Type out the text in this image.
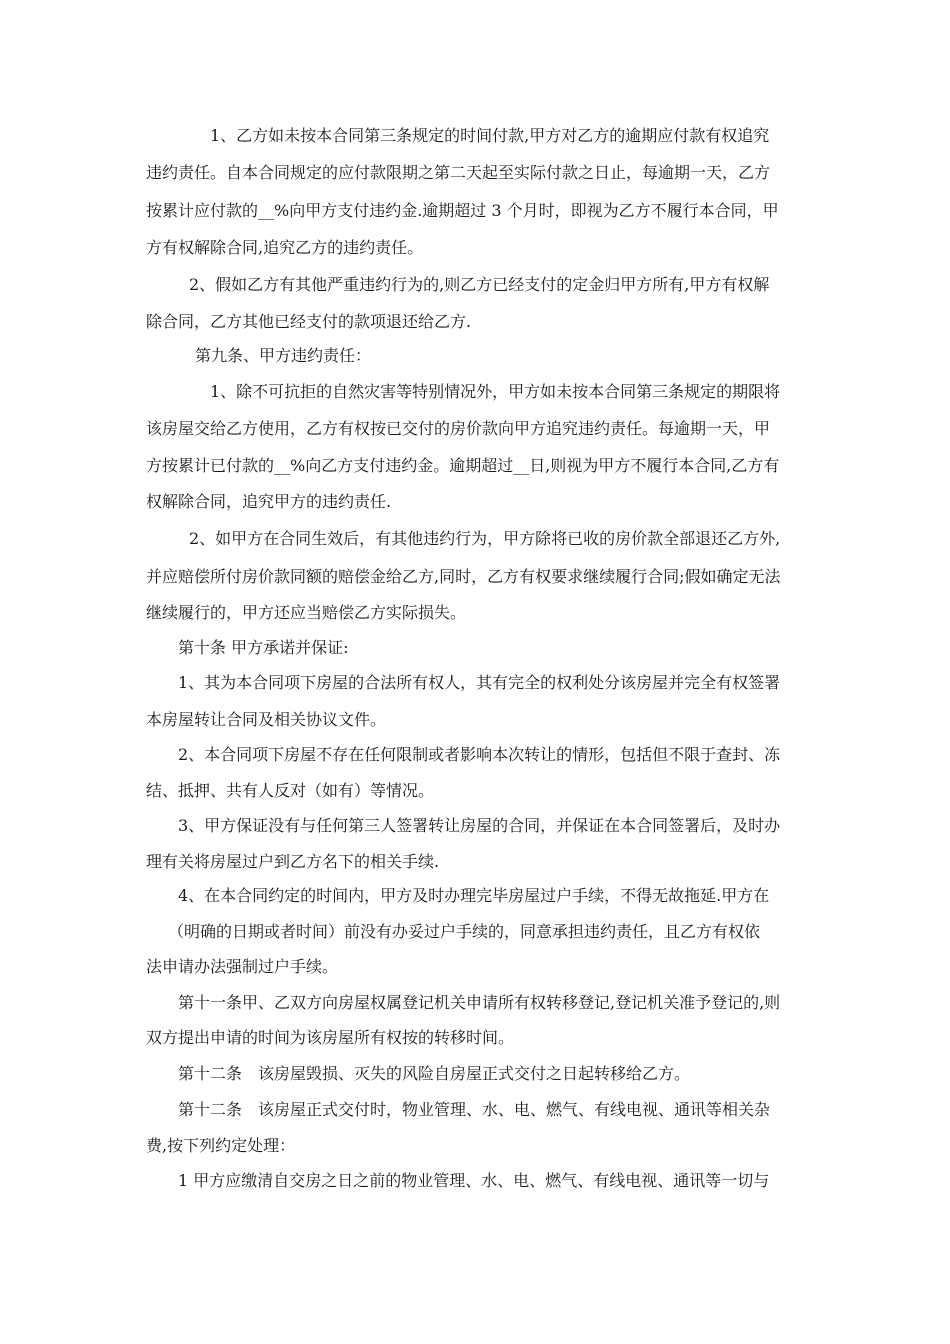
1、乙方如未按本合同第三条规定的时间付款,甲方对乙方的逾期应付款有权追究
违约责任。自本合同规定的应付款限期之第二天起至实际付款之日止，每逾期一天，乙方
按累计应付款的__%向甲方支付违约金.逾期超过 3 个月时，即视为乙方不履行本合同，甲
方有权解除合同,追究乙方的违约责任。
2、假如乙方有其他严重违约行为的,则乙方已经支付的定金归甲方所有,甲方有权解
除合同，乙方其他已经支付的款项退还给乙方.
第九条、甲方违约责任：
1、除不可抗拒的自然灾害等特别情况外，甲方如未按本合同第三条规定的期限将
该房屋交给乙方使用，乙方有权按已交付的房价款向甲方追究违约责任。每逾期一天，甲
方按累计已付款的__%向乙方支付违约金。逾期超过__日,则视为甲方不履行本合同,乙方有
权解除合同，追究甲方的违约责任.
2、如甲方在合同生效后，有其他违约行为，甲方除将已收的房价款全部退还乙方外,
并应赔偿所付房价款同额的赔偿金给乙方,同时，乙方有权要求继续履行合同;假如确定无法
继续履行的，甲方还应当赔偿乙方实际损失。
第十条 甲方承诺并保证:
1、其为本合同项下房屋的合法所有权人，其有完全的权利处分该房屋并完全有权签署
本房屋转让合同及相关协议文件。
2、本合同项下房屋不存在任何限制或者影响本次转让的情形，包括但不限于查封、冻
结、抵押、共有人反对（如有）等情况。
3、甲方保证没有与任何第三人签署转让房屋的合同，并保证在本合同签署后，及时办
理有关将房屋过户到乙方名下的相关手续.
4、在本合同约定的时间内，甲方及时办理完毕房屋过户手续，不得无故拖延.甲方在
（明确的日期或者时间）前没有办妥过户手续的，同意承担违约责任，且乙方有权依
法申请办法强制过户手续。
第十一条甲、乙双方向房屋权属登记机关申请所有权转移登记,登记机关准予登记的,则
双方提出申请的时间为该房屋所有权按的转移时间。
第十二条　该房屋毁损、灭失的风险自房屋正式交付之日起转移给乙方。
第十二条　该房屋正式交付时，物业管理、水、电、燃气、有线电视、通讯等相关杂
费,按下列约定处理：
1 甲方应缴清自交房之日之前的物业管理、水、电、燃气、有线电视、通讯等一切与
